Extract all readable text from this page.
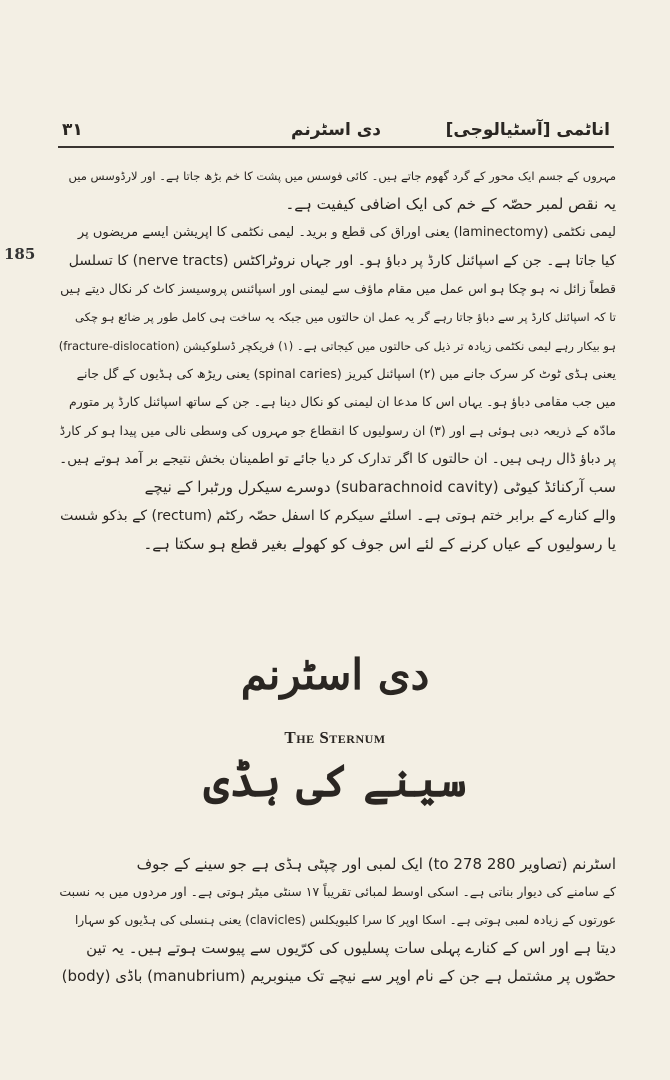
۳۱	دی اسٹرنم	اناٹمی [آسٹیالوجی]
185
مہروں کے جسم ایک محور کے گرد گھوم جاتے ہیں۔ کائی فوسس میں پشت کا خم بڑھ جاتا ہے۔ اور لارڈوسس میں
یہ نقص لمبر حصّہ کے خم کی ایک اضافی کیفیت ہے۔
لیمی نکٹمی (laminectomy) یعنی اوراق کی قطع و برید۔ لیمی نکٹمی کا اپریشن ایسے مریضوں پر
کیا جاتا ہے۔ جن کے اسپائنل کارڈ پر دباؤ ہو۔ اور جہاں نروٹراکٹس (nerve tracts) کا تسلسل
قطعاً زائل نہ ہو چکا ہو اس عمل میں مقام ماؤف سے لیمنی اور اسپائنس پروسیسز کاٹ کر نکال دیتے ہیں
تا کہ اسپائنل کارڈ پر سے دباؤ جاتا رہے گر یہ عمل ان حالتوں میں جبکہ یہ ساخت ہی کامل طور پر ضائع ہو چکی
ہو بیکار رہے لیمی نکٹمی زیادہ تر ذیل کی حالتوں میں کیجاتی ہے۔ (۱) فریکچر ڈسلوکیشن (fracture-dislocation)
یعنی ہڈی ٹوٹ کر سرک جانے میں (۲) اسپائنل کیریز (spinal caries) یعنی ریڑھ کی ہڈیوں کے گل جانے
میں جب مقامی دباؤ ہو۔ یہاں اس کا مدعا ان لیمنی کو نکال دینا ہے۔ جن کے ساتھ اسپائنل کارڈ پر متورم
مادّہ کے ذریعہ دبی ہوئی ہے اور (۳) ان رسولیوں کا انقطاع جو مہروں کی وسطی نالی میں پیدا ہو کر کارڈ
پر دباؤ ڈال رہی ہیں۔ ان حالتوں کا اگر تدارک کر دیا جائے تو اطمینان بخش نتیجے بر آمد ہوتے ہیں۔
سب آرکنائڈ کیوٹی (subarachnoid cavity) دوسرے سیکرل ورٹبرا کے نیچے
والے کنارے کے برابر ختم ہوتی ہے۔ اسلئے سیکرم کا اسفل حصّہ رکٹم (rectum) کے بذکو شست
یا رسولیوں کے عیاں کرنے کے لئے اس جوف کو کھولے بغیر قطع ہو سکتا ہے۔
دی اسٹرنم
The Sternum
سینے کی ہڈی
اسٹرنم (تصاویر 280 to 278) ایک لمبی اور چپٹی ہڈی ہے جو سینے کے جوف
کے سامنے کی دیوار بناتی ہے۔ اسکی اوسط لمبائی تقریباً ۱۷ سنٹی میٹر ہوتی ہے۔ اور مردوں میں بہ نسبت
عورتوں کے زیادہ لمبی ہوتی ہے۔ اسکا اوپر کا سرا کلیویکلس (clavicles) یعنی ہنسلی کی ہڈیوں کو سہارا
دیتا ہے اور اس کے کنارے پہلی سات پسلیوں کی کرّیوں سے پیوست ہوتے ہیں۔ یہ تین
حصّوں پر مشتمل ہے جن کے نام اوپر سے نیچے تک مینوبریم (manubrium) باڈی (body)
